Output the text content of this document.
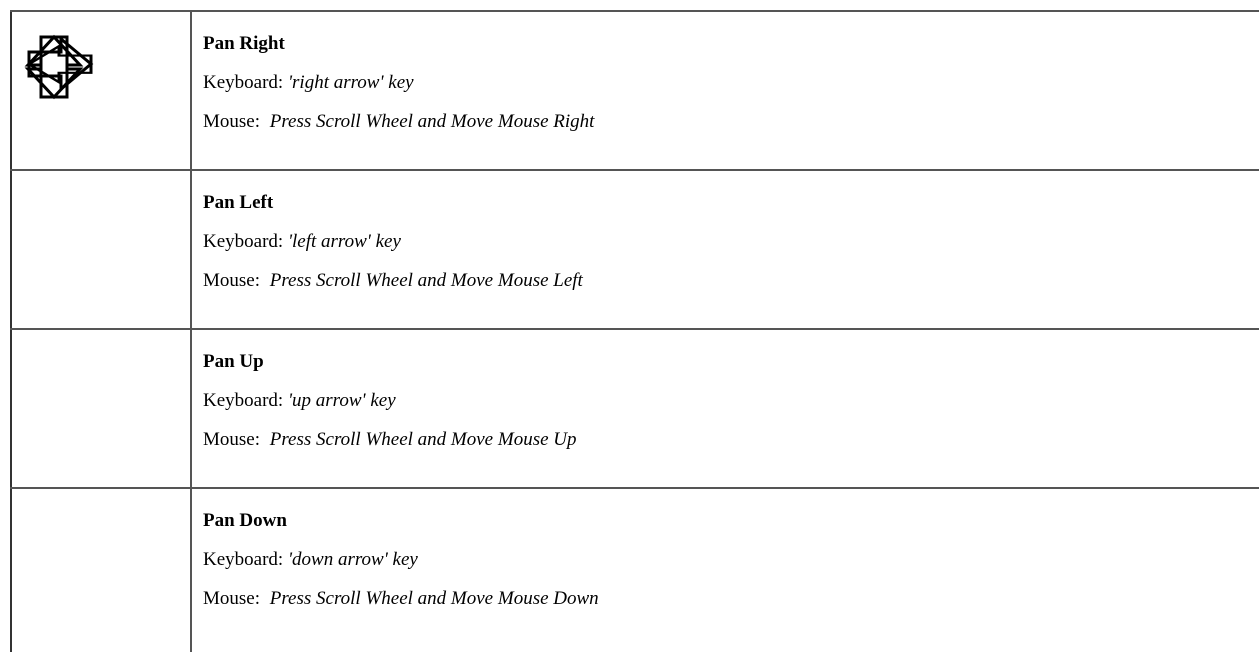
Pan Right

Keyboard: 'right arrow' key

Mouse: Press Scroll Wheel and Move Mouse Right

Pan Left

Keyboard: 'left arrow' key

Mouse: Press Scroll Wheel and Move Mouse Left

Pan Up

Keyboard: 'up arrow' key

Mouse: Press Scroll Wheel and Move Mouse Up

Pan Down

Keyboard: 'down arrow' key

Mouse: Press Scroll Wheel and Move Mouse Down
